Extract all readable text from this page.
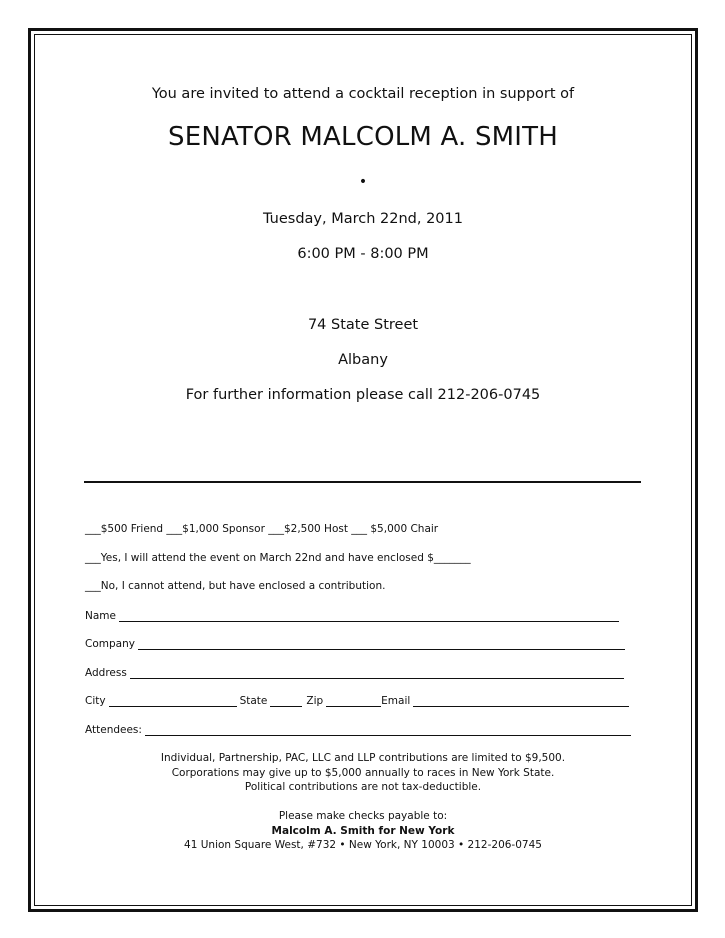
You are invited to attend a cocktail reception in support of
SENATOR MALCOLM A. SMITH
•
Tuesday, March 22nd, 2011
6:00 PM - 8:00 PM
74 State Street
Albany
For further information please call 212-206-0745
___$500 Friend ___$1,000 Sponsor ___$2,500 Host ___ $5,000 Chair
___Yes, I will attend the event on March 22nd and have enclosed $_______
___No, I cannot attend, but have enclosed a contribution.
Name
Company
Address
City	State	Zip	Email
Attendees:
Individual, Partnership, PAC, LLC and LLP contributions are limited to $9,500.
Corporations may give up to $5,000 annually to races in New York State.
Political contributions are not tax-deductible.
Please make checks payable to:
Malcolm A. Smith for New York
41 Union Square West, #732 • New York, NY 10003 • 212-206-0745
